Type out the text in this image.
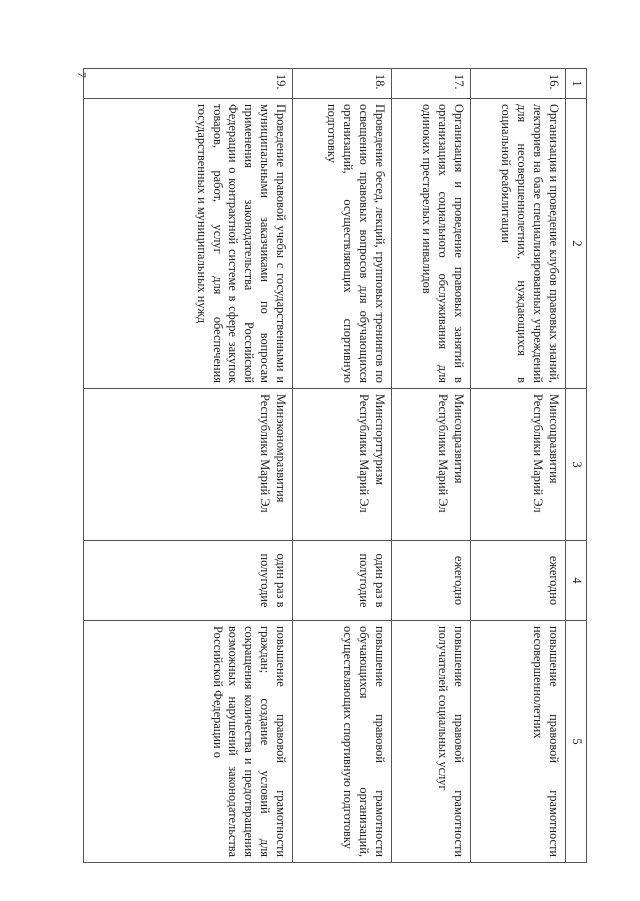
7
1	2	3	4	5
16.	Организация и проведение клубов правовых знаний, лекториев на базе специализированных учреждений для несовершеннолетних, нуждающихся в социальной реабилитации	Минсоцразвития Республики Марий Эл	ежегодно	повышение правовой грамотности несовершеннолетних
17.	Организация и проведение правовых занятий в организациях социального обслуживания для одиноких престарелых и инвалидов	Минсоцразвития Республики Марий Эл	ежегодно	повышение правовой грамотности получателей социальных услуг
18.	Проведение бесед, лекций, групповых тренингов по освещению правовых вопросов для обучающихся организаций, осуществляющих спортивную подготовку	Минспорттуризм Республики Марий Эл	один раз в полугодие	повышение правовой грамотности обучающихся организаций, осуществляющих спортивную подготовку
19.	Проведение правовой учебы с государственными и муниципальными заказчиками по вопросам применения законодательства Российской Федерации о контрактной системе в сфере закупок товаров, работ, услуг для обеспечения государственных и муниципальных нужд	Минэкономразвития Республики Марий Эл	один раз в полугодие	повышение правовой грамотности граждан; создание условий для сокращения количества и предотвращения возможных нарушений законодательства Российской Федерации о
